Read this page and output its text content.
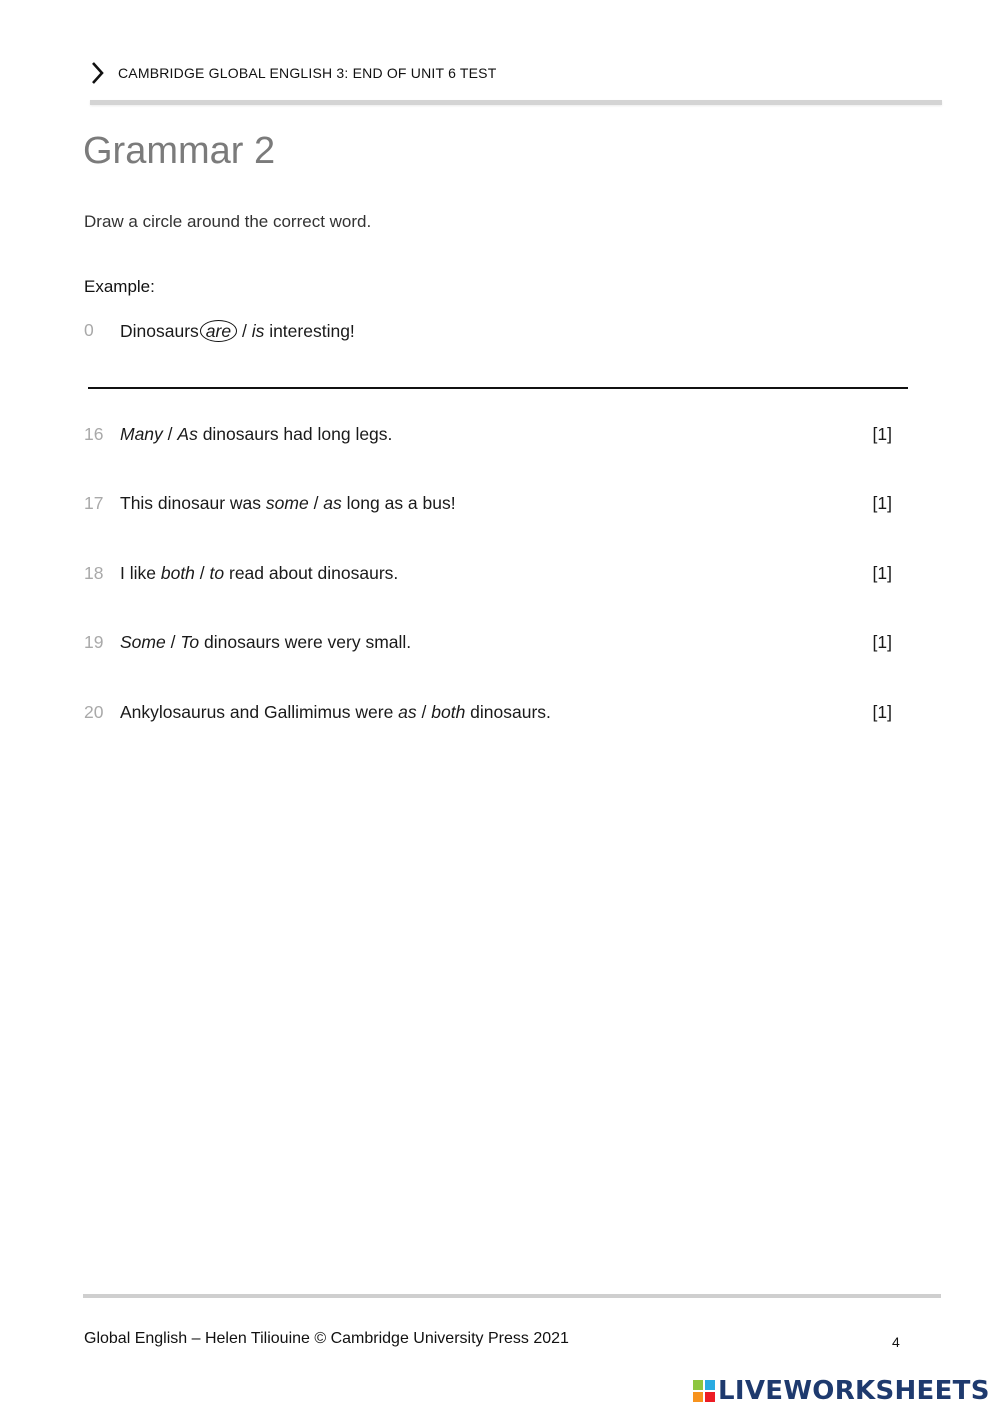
CAMBRIDGE GLOBAL ENGLISH 3: END OF UNIT 6 TEST
Grammar 2
Draw a circle around the correct word.
Example:
0 Dinosaurs are / is interesting!
16 Many / As dinosaurs had long legs.	[1]
17 This dinosaur was some / as long as a bus!	[1]
18 I like both / to read about dinosaurs.	[1]
19 Some / To dinosaurs were very small.	[1]
20 Ankylosaurus and Gallimimus were as / both dinosaurs.	[1]
Global English – Helen Tiliouine © Cambridge University Press 2021	4
LIVEWORKSHEETS
